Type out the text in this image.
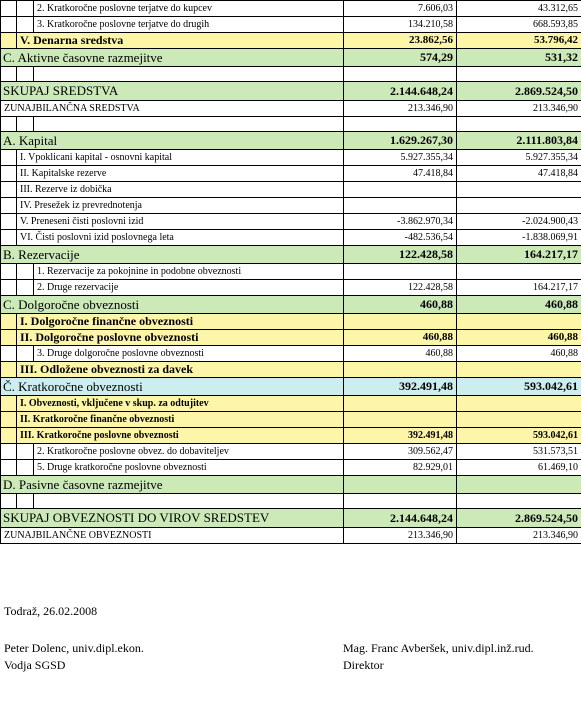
		2. Kratkoročne poslovne terjatve do kupcev	7.606,03	43.312,65
		3. Kratkoročne poslovne terjatve do drugih	134.210,58	668.593,85
	V. Denarna sredstva		23.862,56	53.796,42
C. Aktivne časovne razmejitve			574,29	531,32

SKUPAJ SREDSTVA			2.144.648,24	2.869.524,50
ZUNAJBILANČNA SREDSTVA			213.346,90	213.346,90

A. Kapital			1.629.267,30	2.111.803,84
	I. Vpoklicani kapital - osnovni kapital		5.927.355,34	5.927.355,34
	II. Kapitalske rezerve		47.418,84	47.418,84
	III. Rezerve iz dobička			
	IV. Presežek iz prevrednotenja			
	V. Preneseni čisti poslovni izid		-3.862.970,34	-2.024.900,43
	VI. Čisti poslovni izid poslovnega leta		-482.536,54	-1.838.069,91
B. Rezervacije			122.428,58	164.217,17
		1. Rezervacije za pokojnine in podobne obveznosti		
		2. Druge rezervacije	122.428,58	164.217,17
C. Dolgoročne obveznosti			460,88	460,88
	I. Dolgoročne finančne obveznosti			
	II. Dolgoročne poslovne obveznosti		460,88	460,88
		3. Druge dolgoročne poslovne obveznosti	460,88	460,88
	III. Odložene obveznosti za davek			
Č. Kratkoročne obveznosti			392.491,48	593.042,61
	I. Obveznosti, vključene v skup. za odtujitev			
	II. Kratkoročne finančne obveznosti			
	III. Kratkoročne poslovne obveznosti		392.491,48	593.042,61
		2. Kratkoročne poslovne obvez. do dobaviteljev	309.562,47	531.573,51
		5. Druge kratkoročne poslovne obveznosti	82.929,01	61.469,10
D. Pasivne časovne razmejitve				

SKUPAJ OBVEZNOSTI DO VIROV SREDSTEV			2.144.648,24	2.869.524,50
ZUNAJBILANČNE OBVEZNOSTI			213.346,90	213.346,90
Todraž, 26.02.2008
Peter Dolenc, univ.dipl.ekon.
Vodja SGSD
Mag. Franc Avberšek, univ.dipl.inž.rud.
Direktor
